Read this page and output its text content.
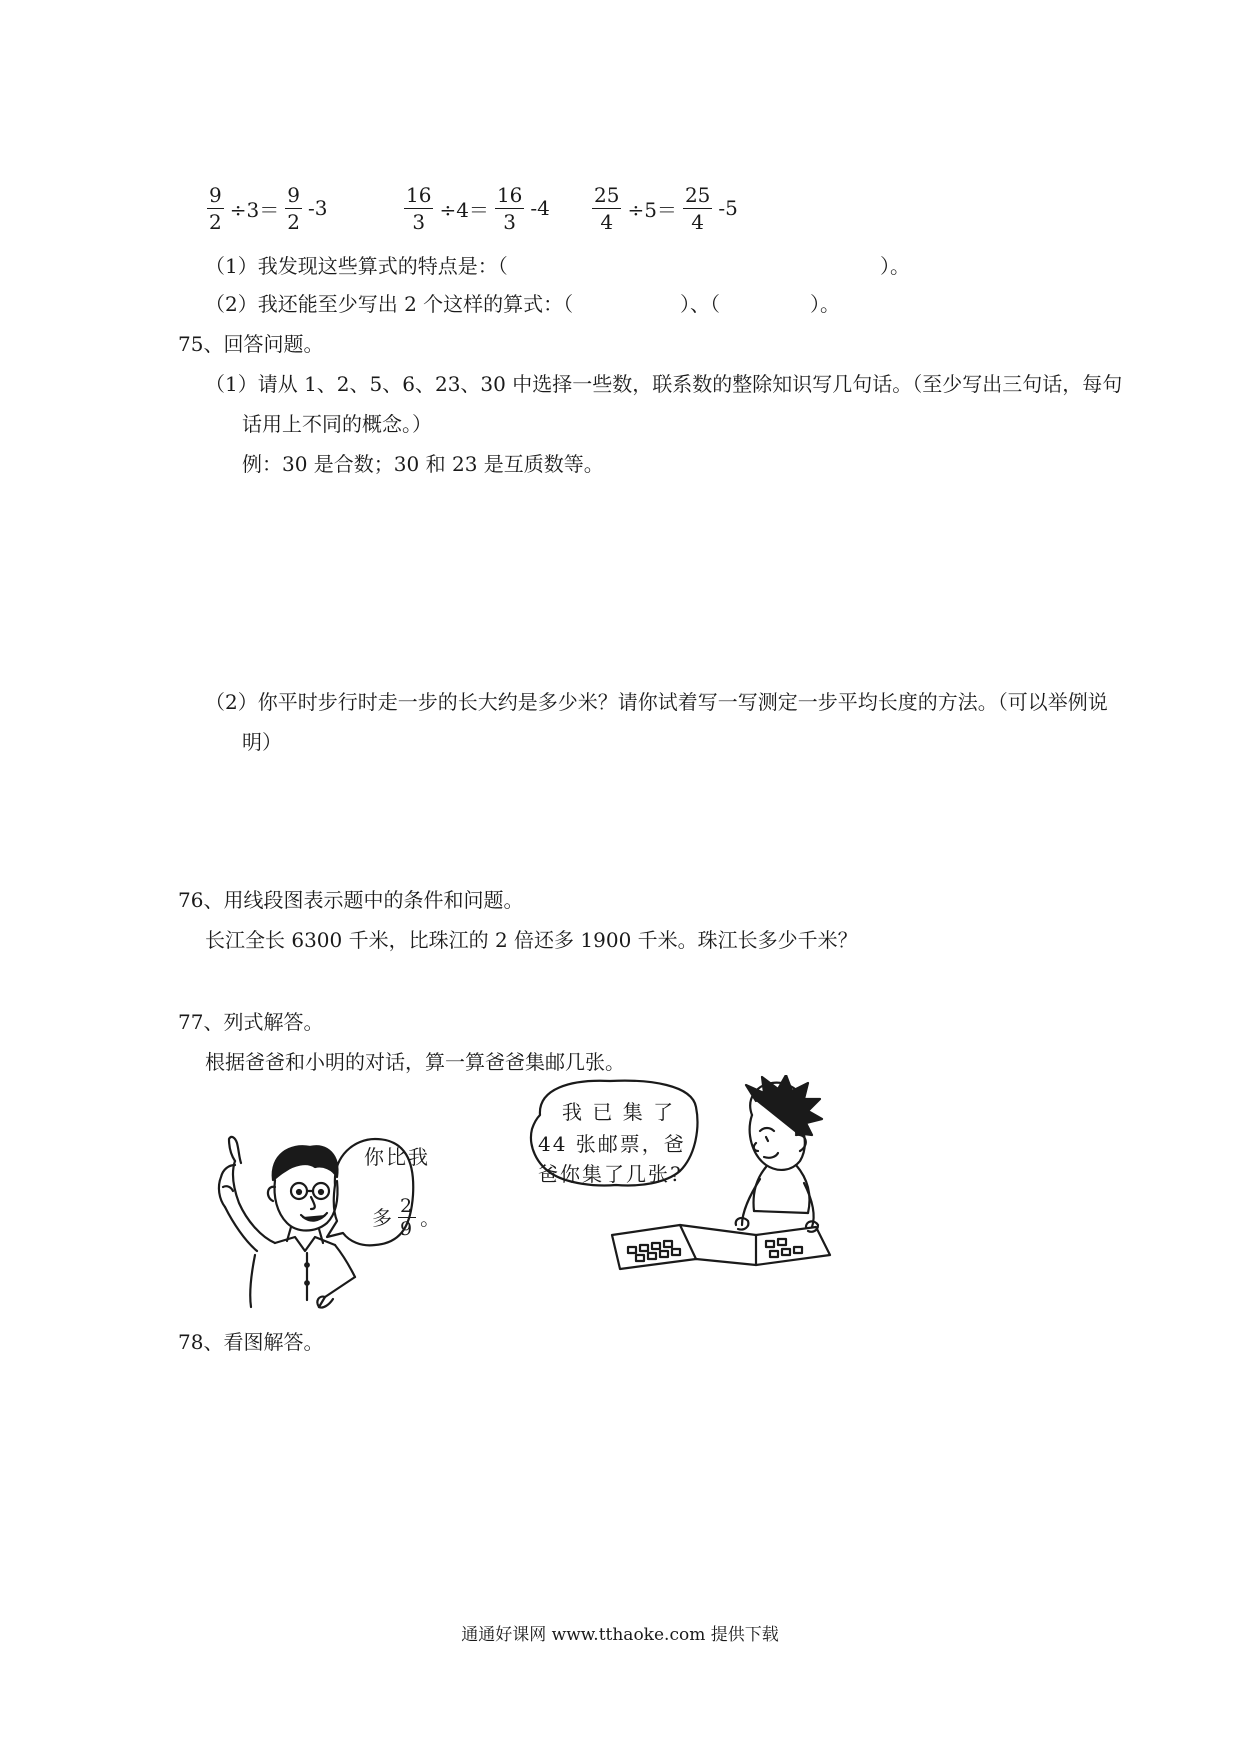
$\frac{9}{2} \div 3= \frac{9}{2} -3$	$\frac{16}{3} \div 4= \frac{16}{3} -4 \frac{25}{4} \div 5= \frac{25}{4} -5$
（1）我发现这些算式的特点是：（	）。
（2）我还能至少写出 2 个这样的算式：（	）、（	）。
75、回答问题。
（1）请从 1、2、5、6、23、30 中选择一些数，联系数的整除知识写几句话。（至少写出三句话，每句
话用上不同的概念。）
例：30 是合数；30 和 23 是互质数等。
（2）你平时步行时走一步的长大约是多少米？请你试着写一写测定一步平均长度的方法。（可以举例说
明）
76、用线段图表示题中的条件和问题。
长江全长 6300 千米，比珠江的 2 倍还多 1900 千米。珠江长多少千米？
77、列式解答。
根据爸爸和小明的对话，算一算爸爸集邮几张。
你比我
多 $\frac{2}{9}$ 。
我 已 集 了
44 张邮票，爸
爸你集了几张?
78、看图解答。
通通好课网 www.tthaoke.com 提供下载
